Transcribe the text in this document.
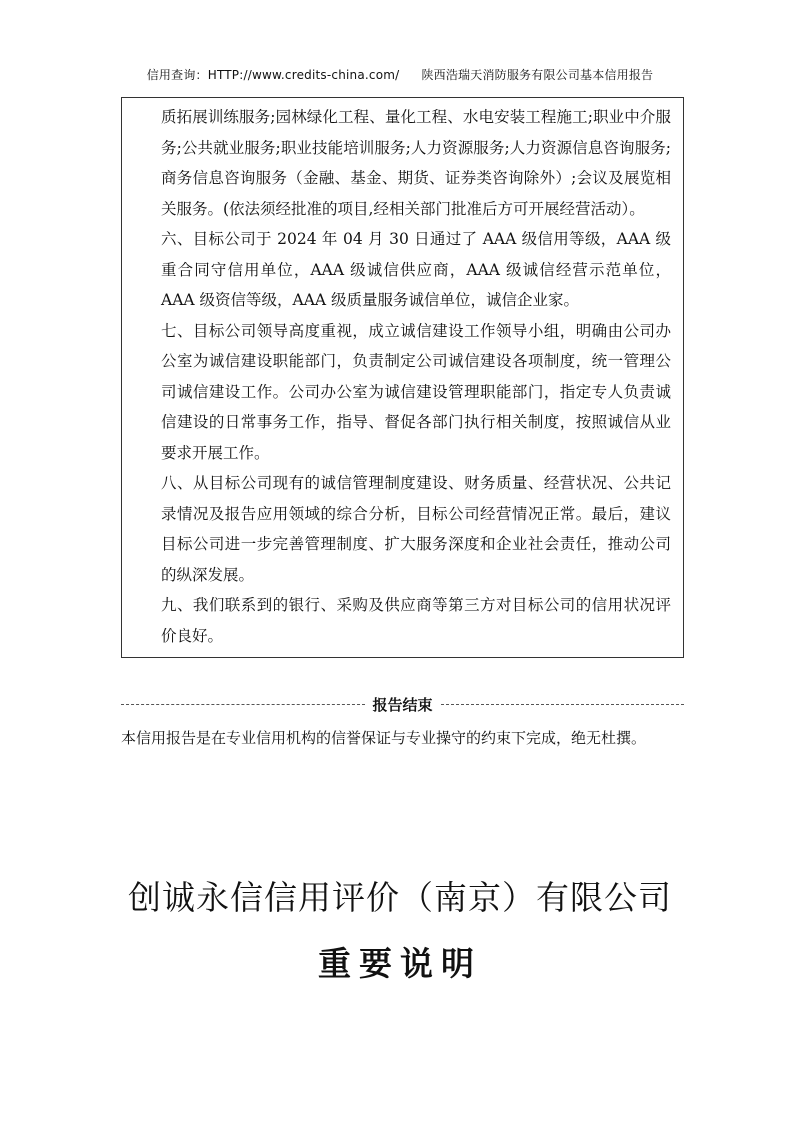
信用查询：HTTP://www.credits-china.com/ 陕西浩瑞天消防服务有限公司基本信用报告

质拓展训练服务;园林绿化工程、量化工程、水电安装工程施工;职业中介服务;公共就业服务;职业技能培训服务;人力资源服务;人力资源信息咨询服务;商务信息咨询服务（金融、基金、期货、证券类咨询除外）;会议及展览相关服务。(依法须经批准的项目,经相关部门批准后方可开展经营活动）。

六、目标公司于 2024 年 04 月 30 日通过了 AAA 级信用等级，AAA 级重合同守信用单位，AAA 级诚信供应商，AAA 级诚信经营示范单位，AAA 级资信等级，AAA 级质量服务诚信单位，诚信企业家。

七、目标公司领导高度重视，成立诚信建设工作领导小组，明确由公司办公室为诚信建设职能部门，负责制定公司诚信建设各项制度，统一管理公司诚信建设工作。公司办公室为诚信建设管理职能部门，指定专人负责诚信建设的日常事务工作，指导、督促各部门执行相关制度，按照诚信从业要求开展工作。

八、从目标公司现有的诚信管理制度建设、财务质量、经营状况、公共记录情况及报告应用领域的综合分析，目标公司经营情况正常。最后，建议目标公司进一步完善管理制度、扩大服务深度和企业社会责任，推动公司的纵深发展。

九、我们联系到的银行、采购及供应商等第三方对目标公司的信用状况评价良好。

报告结束
本信用报告是在专业信用机构的信誉保证与专业操守的约束下完成，绝无杜撰。
创诚永信信用评价（南京）有限公司
重要说明
